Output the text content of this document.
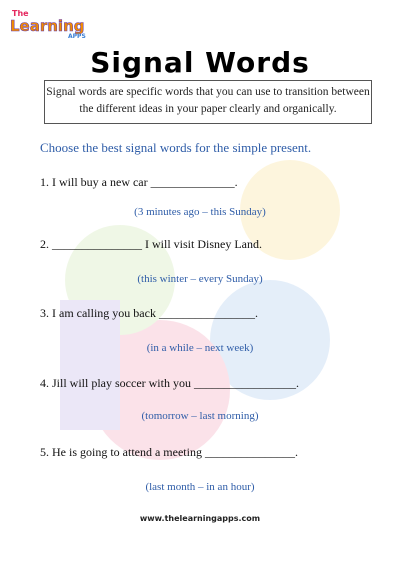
The
Learning
APPS
Signal Words
Signal words are specific words that you can use to transition between the different ideas in your paper clearly and organically.
Choose the best signal words for the simple present.
1. I will buy a new car ______________.
(3 minutes ago – this Sunday)
2. _______________ I will visit Disney Land.
(this winter – every Sunday)
3. I am calling you back ________________.
(in a while – next week)
4. Jill will play soccer with you _________________.
(tomorrow – last morning)
5. He is going to attend a meeting _______________.
(last month – in an hour)
www.thelearningapps.com
